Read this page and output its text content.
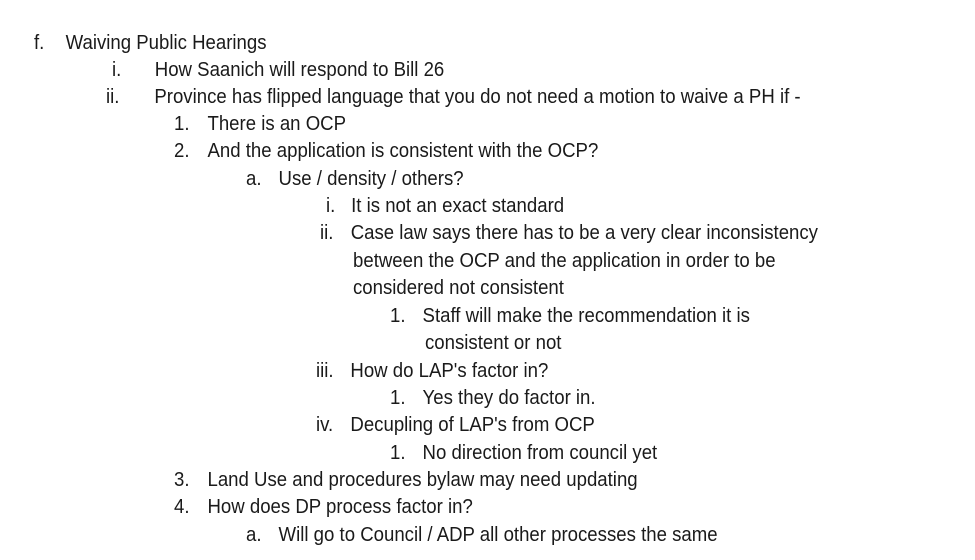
f. Waiving Public Hearings
i. How Saanich will respond to Bill 26
ii. Province has flipped language that you do not need a motion to waive a PH if -
1. There is an OCP
2. And the application is consistent with the OCP?
a. Use / density / others?
i. It is not an exact standard
ii. Case law says there has to be a very clear inconsistency
between the OCP and the application in order to be
considered not consistent
1. Staff will make the recommendation it is
consistent or not
iii. How do LAP's factor in?
1. Yes they do factor in.
iv. Decupling of LAP's from OCP
1. No direction from council yet
3. Land Use and procedures bylaw may need updating
4. How does DP process factor in?
a. Will go to Council / ADP all other processes the same
